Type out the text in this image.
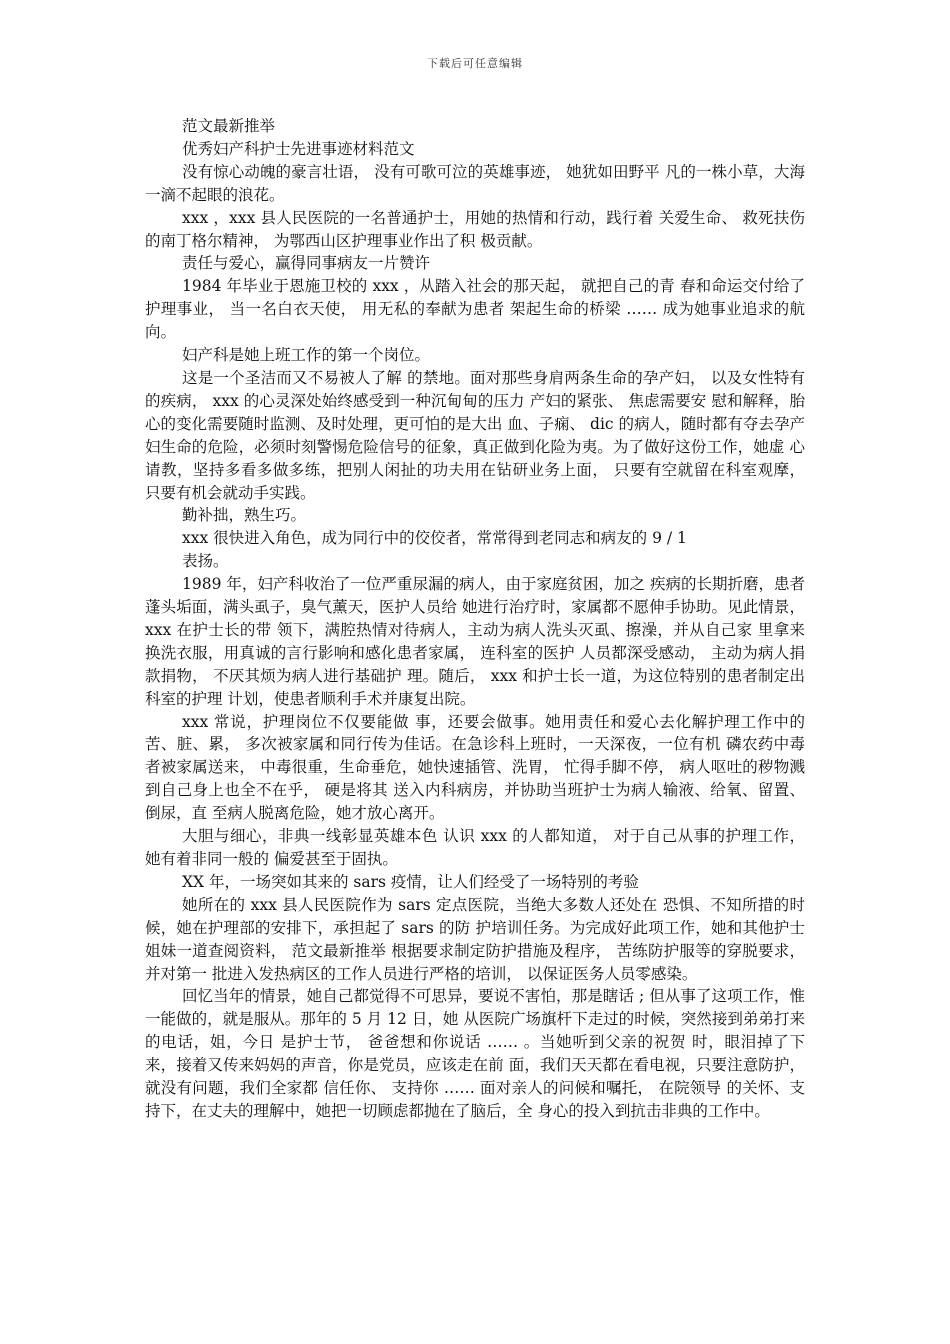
下载后可任意编辑

范文最新推举

优秀妇产科护士先进事迹材料范文

没有惊心动魄的豪言壮语， 没有可歌可泣的英雄事迹， 她犹如田野平 凡的一株小草，大海一滴不起眼的浪花。

xxx ，xxx 县人民医院的一名普通护士，用她的热情和行动，践行着 关爱生命、 救死扶伤的南丁格尔精神， 为鄂西山区护理事业作出了积 极贡献。

责任与爱心，赢得同事病友一片赞许

1984 年毕业于恩施卫校的 xxx ，从踏入社会的那天起， 就把自己的青 春和命运交付给了护理事业， 当一名白衣天使， 用无私的奉献为患者 架起生命的桥梁 …… 成为她事业追求的航向。

妇产科是她上班工作的第一个岗位。

这是一个圣洁而又不易被人了解 的禁地。面对那些身肩两条生命的孕产妇， 以及女性特有的疾病， xxx 的心灵深处始终感受到一种沉甸甸的压力 产妇的紧张、 焦虑需要安 慰和解释，胎心的变化需要随时监测、及时处理，更可怕的是大出 血、子痫、 dic 的病人，随时都有夺去孕产妇生命的危险，必须时刻警惕危险信号的征象，真正做到化险为夷。为了做好这份工作，她虚 心请教，坚持多看多做多练，把别人闲扯的功夫用在钻研业务上面， 只要有空就留在科室观摩， 只要有机会就动手实践。

勤补拙，熟生巧。

xxx 很快进入角色，成为同行中的佼佼者，常常得到老同志和病友的 9 / 1

表扬。

1989 年，妇产科收治了一位严重尿漏的病人，由于家庭贫困，加之 疾病的长期折磨，患者蓬头垢面，满头虱子，臭气薰天，医护人员给 她进行治疗时，家属都不愿伸手协助。见此情景， xxx 在护士长的带 领下，满腔热情对待病人，主动为病人洗头灭虱、擦澡，并从自己家 里拿来换洗衣服，用真诚的言行影响和感化患者家属， 连科室的医护 人员都深受感动， 主动为病人捐款捐物， 不厌其烦为病人进行基础护 理。随后， xxx 和护士长一道，为这位特别的患者制定出科室的护理 计划，使患者顺利手术并康复出院。

xxx 常说，护理岗位不仅要能做 事，还要会做事。她用责任和爱心去化解护理工作中的苦、脏、累， 多次被家属和同行传为佳话。在急诊科上班时，一天深夜，一位有机 磷农药中毒者被家属送来， 中毒很重，生命垂危，她快速插管、洗胃， 忙得手脚不停， 病人呕吐的秽物溅到自己身上也全不在乎， 硬是将其 送入内科病房，并协助当班护士为病人输液、给氧、留置、倒尿，直 至病人脱离危险，她才放心离开。

大胆与细心，非典一线彰显英雄本色 认识 xxx 的人都知道， 对于自己从事的护理工作， 她有着非同一般的 偏爱甚至于固执。

XX 年，一场突如其来的 sars 疫情，让人们经受了一场特别的考验

她所在的 xxx 县人民医院作为 sars 定点医院，当绝大多数人还处在 恐惧、不知所措的时候，她在护理部的安排下，承担起了 sars 的防 护培训任务。为完成好此项工作，她和其他护士姐妹一道查阅资料， 范文最新推举 根据要求制定防护措施及程序， 苦练防护服等的穿脱要求， 并对第一 批进入发热病区的工作人员进行严格的培训， 以保证医务人员零感染。

回忆当年的情景，她自己都觉得不可思异，要说不害怕，那是瞎话 ; 但从事了这项工作，惟一能做的，就是服从。那年的 5 月 12 日，她 从医院广场旗杆下走过的时候，突然接到弟弟打来的电话，姐，今日 是护士节， 爸爸想和你说话 …… 。当她听到父亲的祝贺 时，眼泪掉了下来，接着又传来妈妈的声音，你是党员，应该走在前 面，我们天天都在看电视，只要注意防护，就没有问题，我们全家都 信任你、 支持你 …… 面对亲人的问候和嘱托， 在院领导 的关怀、支持下，在丈夫的理解中，她把一切顾虑都抛在了脑后，全 身心的投入到抗击非典的工作中。
